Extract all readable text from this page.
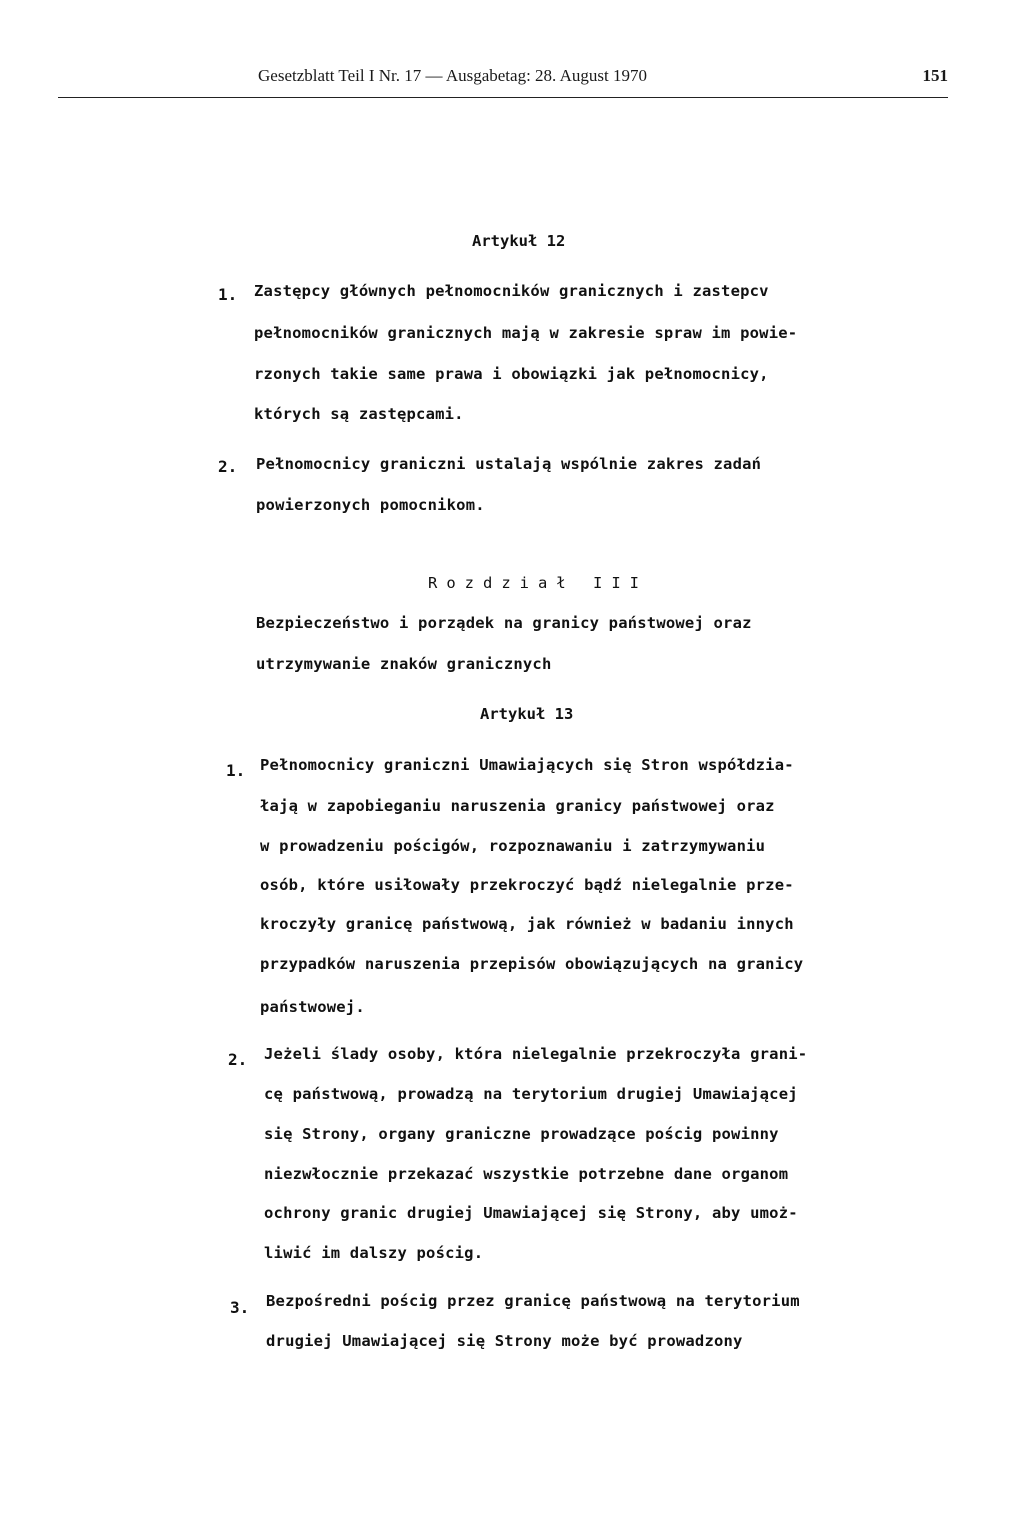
Gesetzblatt Teil I Nr. 17 — Ausgabetag: 28. August 1970	151
Artykuł 12
1. Zastępcy głównych pełnomocników granicznych i zastepcv
pełnomocników granicznych mają w zakresie spraw im powie-
rzonych takie same prawa i obowiązki jak pełnomocnicy,
których są zastępcami.
2. Pełnomocnicy graniczni ustalają wspólnie zakres zadań
powierzonych pomocnikom.
Rozdział III
Bezpieczeństwo i porządek na granicy państwowej oraz
utrzymywanie znaków granicznych
Artykuł 13
1. Pełnomocnicy graniczni Umawiających się Stron współdzia-
łają w zapobieganiu naruszenia granicy państwowej oraz
w prowadzeniu pościgów, rozpoznawaniu i zatrzymywaniu
osób, które usiłowały przekroczyć bądź nielegalnie prze-
kroczyły granicę państwową, jak również w badaniu innych
przypadków naruszenia przepisów obowiązujących na granicy
państwowej.
2. Jeżeli ślady osoby, która nielegalnie przekroczyła grani-
cę państwową, prowadzą na terytorium drugiej Umawiającej
się Strony, organy graniczne prowadzące pościg powinny
niezwłocznie przekazać wszystkie potrzebne dane organom
ochrony granic drugiej Umawiającej się Strony, aby umoż-
liwić im dalszy pościg.
3. Bezpośredni pościg przez granicę państwową na terytorium
drugiej Umawiającej się Strony może być prowadzony
